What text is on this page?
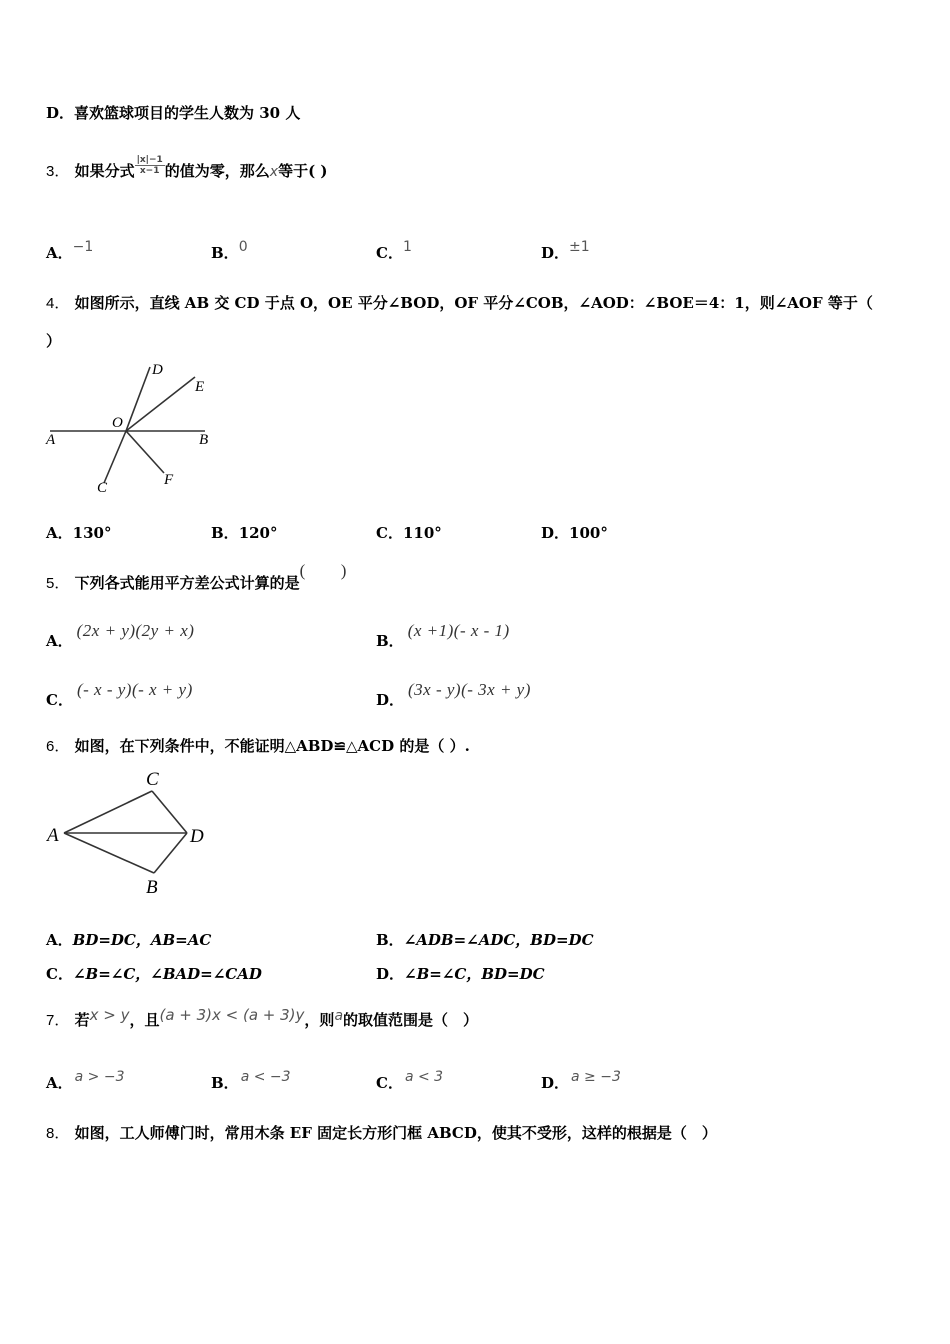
D．喜欢篮球项目的学生人数为 30 人
3． 如果分式 $\frac{|x|-1}{x-1}$ 的值为零，那么x等于( )
A．−1	B．0	C．1	D．±1
4． 如图所示，直线 AB 交 CD 于点 O，OE 平分∠BOD，OF 平分∠COB，∠AOD：∠BOE＝4：1，则∠AOF 等于（
）
A	B
C
D
E
F
O
A．130°	B．120°	C．110°	D．100°
5． 下列各式能用平方差公式计算的是(　　)
A．(2x + y)(2y + x)
B．(x +1)(- x - 1)
C．(- x - y)(- x + y)
D．(3x - y)(- 3x + y)
6． 如图，在下列条件中，不能证明△ABD≌△ACD 的是（ ）.
A	D
C
B
A．BD=DC，AB=AC	B．∠ADB=∠ADC，BD=DC
C．∠B=∠C，∠BAD=∠CAD	D．∠B=∠C，BD=DC
7． 若x > y，且(a + 3)x < (a + 3)y，则a的取值范围是（　）
A． a > −3	B． a < −3	C． a < 3	D． a ≥ −3
8． 如图，工人师傅门时，常用木条 EF 固定长方形门框 ABCD，使其不受形，这样的根据是（　）
